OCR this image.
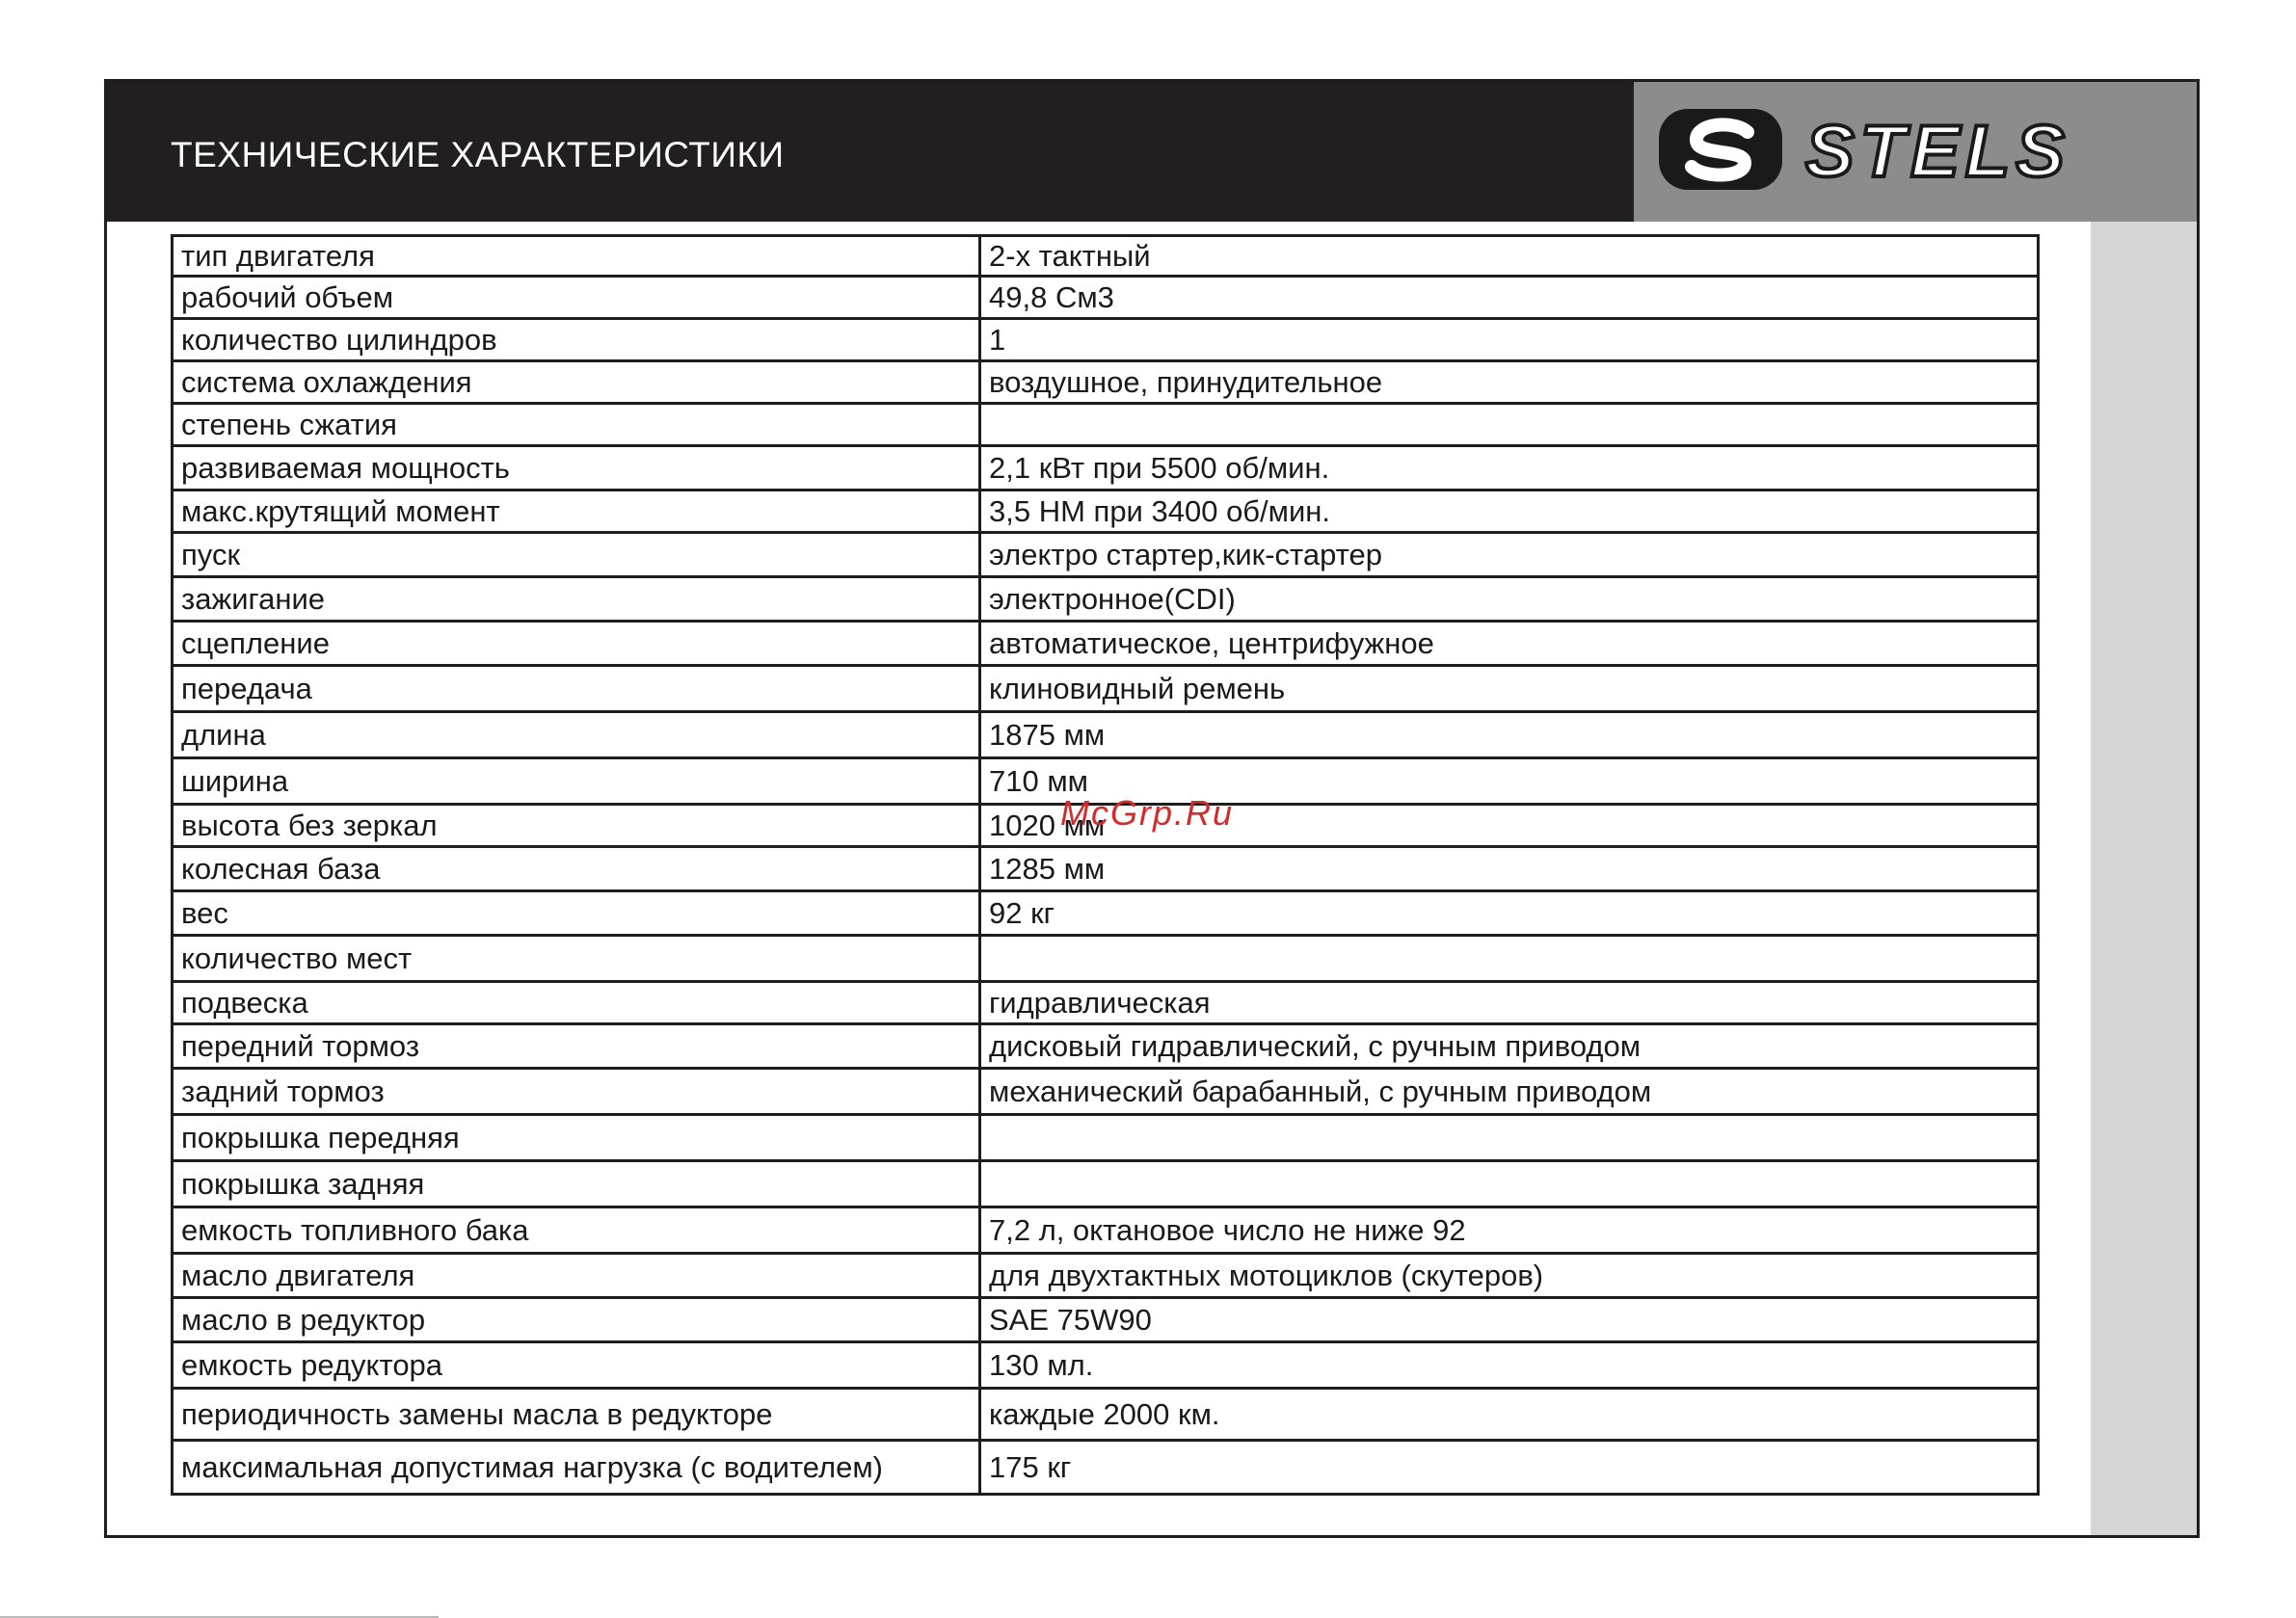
ТЕХНИЧЕСКИЕ ХАРАКТЕРИСТИКИ	STELS
тип двигателя	2-х тактный
рабочий объем	49,8 См3
количество цилиндров	1
система охлаждения	воздушное, принудительное
степень сжатия	
развиваемая мощность	2,1 кВт при 5500 об/мин.
макс.крутящий момент	3,5 НМ при 3400 об/мин.
пуск	электро стартер,кик-стартер
зажигание	электронное(CDI)
сцепление	автоматическое, центрифужное
передача	клиновидный ремень
длина	1875 мм
ширина	710 мм
высота без зеркал	1020 мм
колесная база	1285 мм
вес	92 кг
количество мест	
подвеска	гидравлическая
передний тормоз	дисковый гидравлический, с ручным приводом
задний тормоз	механический барабанный, с ручным приводом
покрышка передняя	
покрышка задняя	
емкость топливного бака	7,2 л, октановое число не ниже 92
масло двигателя	для двухтактных мотоциклов (скутеров)
масло в редуктор	SAE 75W90
емкость редуктора	130 мл.
периодичность замены масла в редукторе	каждые 2000 км.
максимальная допустимая нагрузка (с водителем)	175 кг
McGrp.Ru
